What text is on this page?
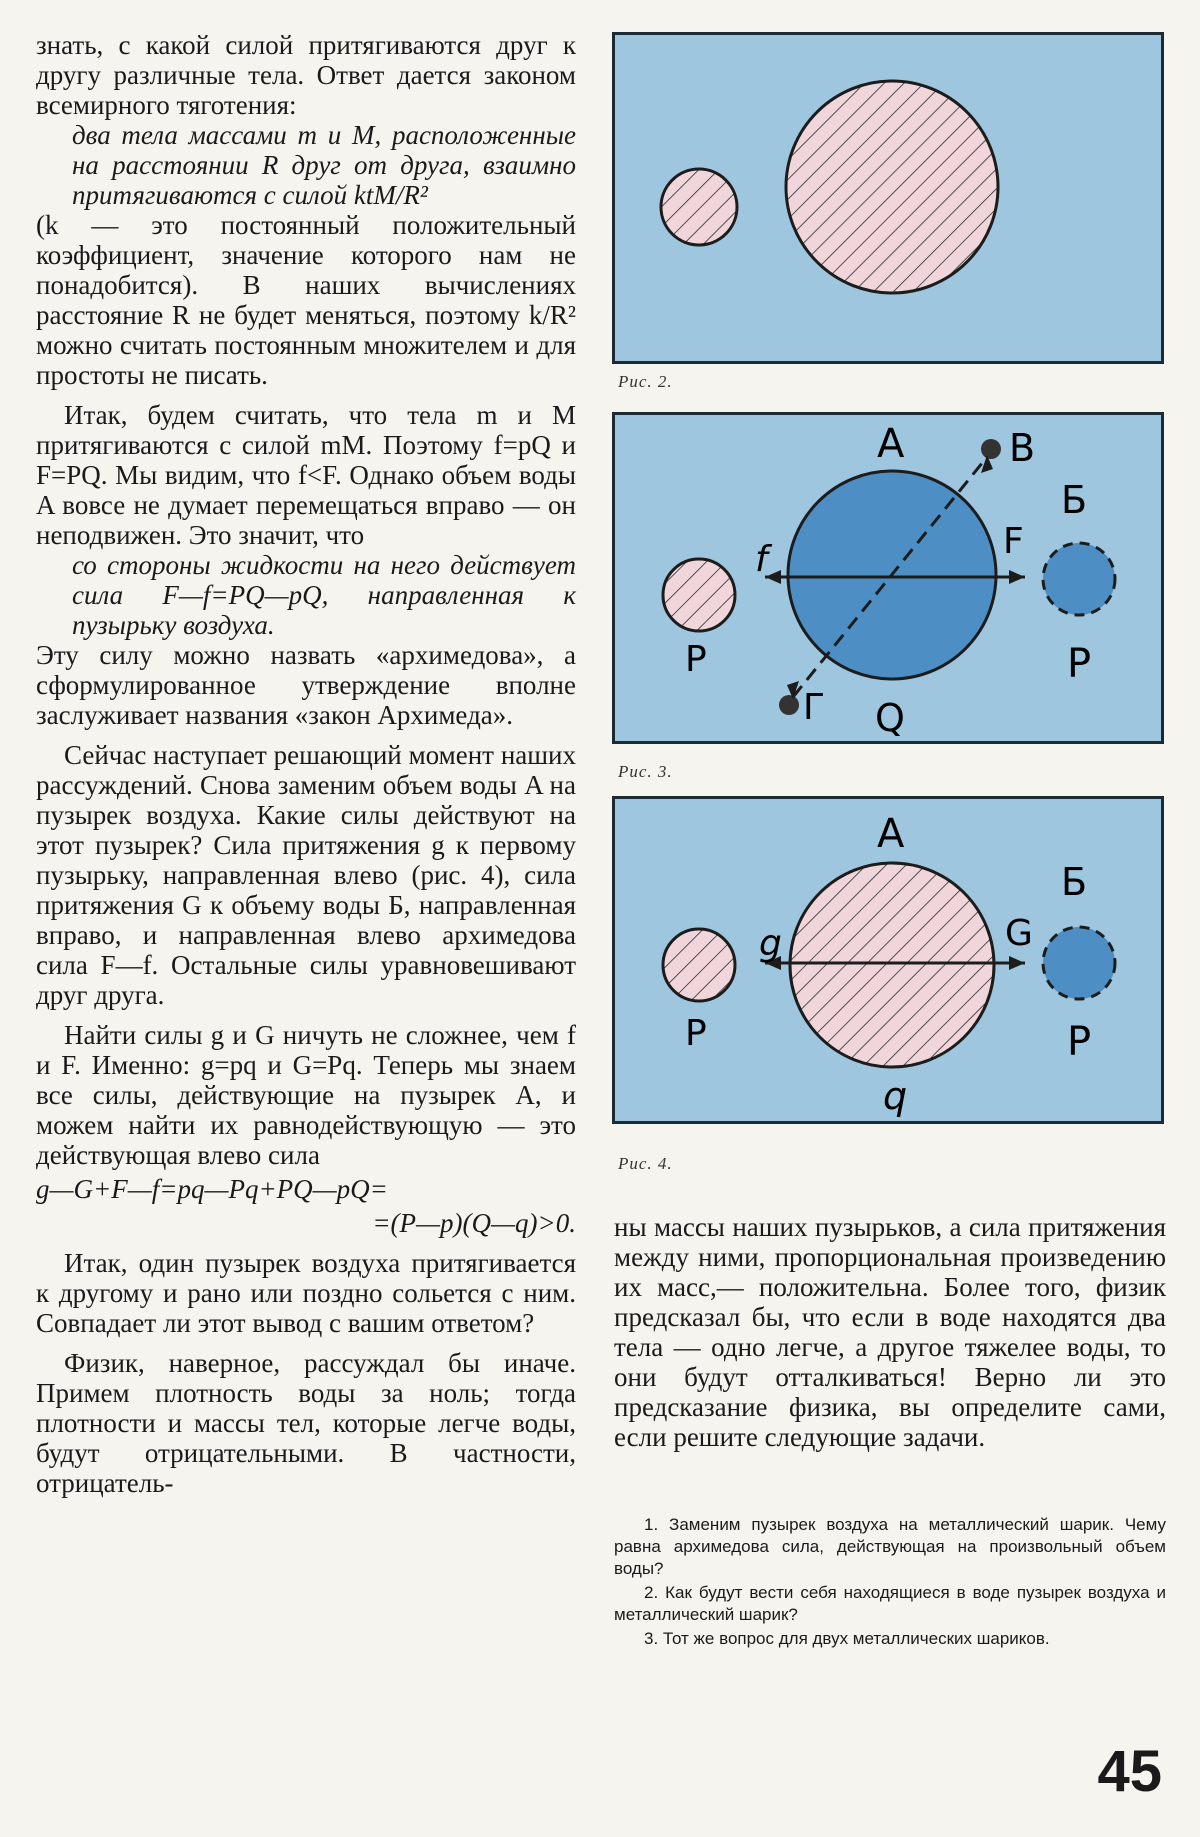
знать, с какой силой притягиваются друг к другу различные тела. Ответ дается законом всемирного тяготения:

два тела массами m и M, расположенные на расстоянии R друг от друга, взаимно притягиваются с силой ktM/R²

(k — это постоянный положительный коэффициент, значение которого нам не понадобится). В наших вычислениях расстояние R не будет меняться, поэтому k/R² можно считать постоянным множителем и для простоты не писать.

Итак, будем считать, что тела m и M притягиваются с силой mM. Поэтому f=pQ и F=PQ. Мы видим, что f<F. Однако объем воды A вовсе не думает перемещаться вправо — он неподвижен. Это значит, что

со стороны жидкости на него действует сила F—f=PQ—pQ, направленная к пузырьку воздуха.

Эту силу можно назвать «архимедова», а сформулированное утверждение вполне заслуживает названия «закон Архимеда».

Сейчас наступает решающий момент наших рассуждений. Снова заменим объем воды A на пузырек воздуха. Какие силы действуют на этот пузырек? Сила притяжения g к первому пузырьку, направленная влево (рис. 4), сила притяжения G к объему воды Б, направленная вправо, и направленная влево архимедова сила F—f. Остальные силы уравновешивают друг друга.

Найти силы g и G ничуть не сложнее, чем f и F. Именно: g=pq и G=Pq. Теперь мы знаем все силы, действующие на пузырек A, и можем найти их равнодействующую — это действующая влево сила

g—G+F—f=pq—Pq+PQ—pQ=

=(P—p)(Q—q)>0.

Итак, один пузырек воздуха притягивается к другому и рано или поздно сольется с ним. Совпадает ли этот вывод с вашим ответом?

Физик, наверное, рассуждал бы иначе. Примем плотность воды за ноль; тогда плотности и массы тел, которые легче воды, будут отрицательными. В частности, отрицатель-

Рис. 2.
А	В
Б
f	F
P	P
Г Q
Рис. 3.
А
Б
g	G
P	P
q
Рис. 4.

ны массы наших пузырьков, а сила притяжения между ними, пропорциональная произведению их масс,— положительна. Более того, физик предсказал бы, что если в воде находятся два тела — одно легче, а другое тяжелее воды, то они будут отталкиваться! Верно ли это предсказание физика, вы определите сами, если решите следующие задачи.

1. Заменим пузырек воздуха на металлический шарик. Чему равна архимедова сила, действующая на произвольный объем воды?

2. Как будут вести себя находящиеся в воде пузырек воздуха и металлический шарик?

3. Тот же вопрос для двух металлических шариков.

45
